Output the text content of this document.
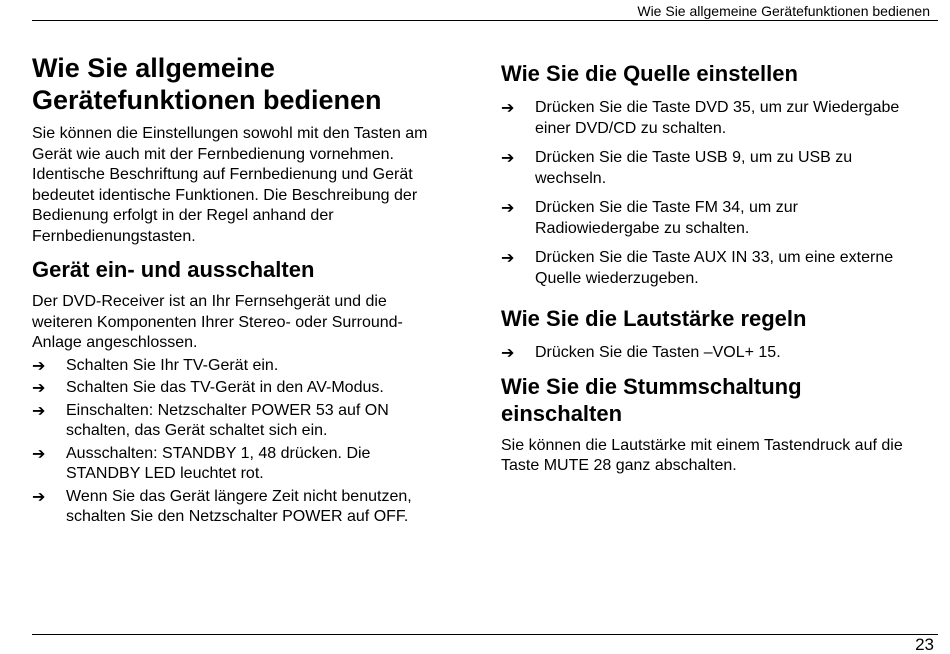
Wie Sie allgemeine Gerätefunktionen bedienen
Wie Sie allgemeine
Gerätefunktionen bedienen

Sie können die Einstellungen sowohl mit den Tasten am
Gerät wie auch mit der Fernbedienung vornehmen.
Identische Beschriftung auf Fernbedienung und Gerät
bedeutet identische Funktionen. Die Beschreibung der
Bedienung erfolgt in der Regel anhand der
Fernbedienungstasten.

Gerät ein- und ausschalten

Der DVD-Receiver ist an Ihr Fernsehgerät und die
weiteren Komponenten Ihrer Stereo- oder Surround-
Anlage angeschlossen.

➔ Schalten Sie Ihr TV-Gerät ein.
➔ Schalten Sie das TV-Gerät in den AV-Modus.
➔ Einschalten: Netzschalter POWER 53 auf ON
schalten, das Gerät schaltet sich ein.
➔ Ausschalten: STANDBY 1, 48 drücken. Die
STANDBY LED leuchtet rot.
➔ Wenn Sie das Gerät längere Zeit nicht benutzen,
schalten Sie den Netzschalter POWER auf OFF.
Wie Sie die Quelle einstellen
➔ Drücken Sie die Taste DVD 35, um zur Wiedergabe
einer DVD/CD zu schalten.
➔ Drücken Sie die Taste USB 9, um zu USB zu
wechseln.
➔ Drücken Sie die Taste FM 34, um zur
Radiowiedergabe zu schalten.
➔ Drücken Sie die Taste AUX IN 33, um eine externe
Quelle wiederzugeben.
Wie Sie die Lautstärke regeln
➔ Drücken Sie die Tasten –VOL+ 15.
Wie Sie die Stummschaltung
einschalten

Sie können die Lautstärke mit einem Tastendruck auf die
Taste MUTE 28 ganz abschalten.

23
